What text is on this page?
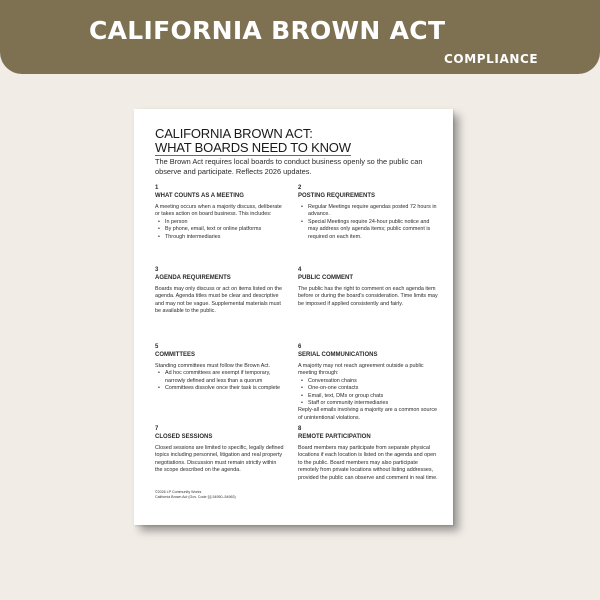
CALIFORNIA BROWN ACT
COMPLIANCE
CALIFORNIA BROWN ACT:
WHAT BOARDS NEED TO KNOW
The Brown Act requires local boards to conduct business openly so the public can observe and participate. Reflects 2026 updates.
1
WHAT COUNTS AS A MEETING
A meeting occurs when a majority discuss, deliberate or takes action on board business. This includes:
• In person
• By phone, email, text or online platforms
• Through intermediaries
2
POSTING REQUIREMENTS
• Regular Meetings require agendas posted 72 hours in advance.
• Special Meetings require 24-hour public notice and may address only agenda items; public comment is required on each item.
3
AGENDA REQUIREMENTS
Boards may only discuss or act on items listed on the agenda. Agenda titles must be clear and descriptive and may not be vague. Supplemental materials must be available to the public.
4
PUBLIC COMMENT
The public has the right to comment on each agenda item before or during the board's consideration. Time limits may be imposed if applied consistently and fairly.
5
COMMITTEES
Standing committees must follow the Brown Act.
• Ad hoc committees are exempt if temporary, narrowly defined and less than a quorum
• Committees dissolve once their task is complete
6
SERIAL COMMUNICATIONS
A majority may not reach agreement outside a public meeting through:
• Conversation chains
• One-on-one contacts
• Email, text, DMs or group chats
• Staff or community intermediaries
Reply-all emails involving a majority are a common source of unintentional violations.
7
CLOSED SESSIONS
Closed sessions are limited to specific, legally defined topics including personnel, litigation and real property negotiations. Discussion must remain strictly within the scope described on the agenda.
8
REMOTE PARTICIPATION
Board members may participate from separate physical locations if each location is listed on the agenda and open to the public. Board members may also participate remotely from private locations without listing addresses, provided the public can observe and comment in real time.
©2026 LP Community Works
California Brown Act (Gov. Code §§ 54950–54963)
